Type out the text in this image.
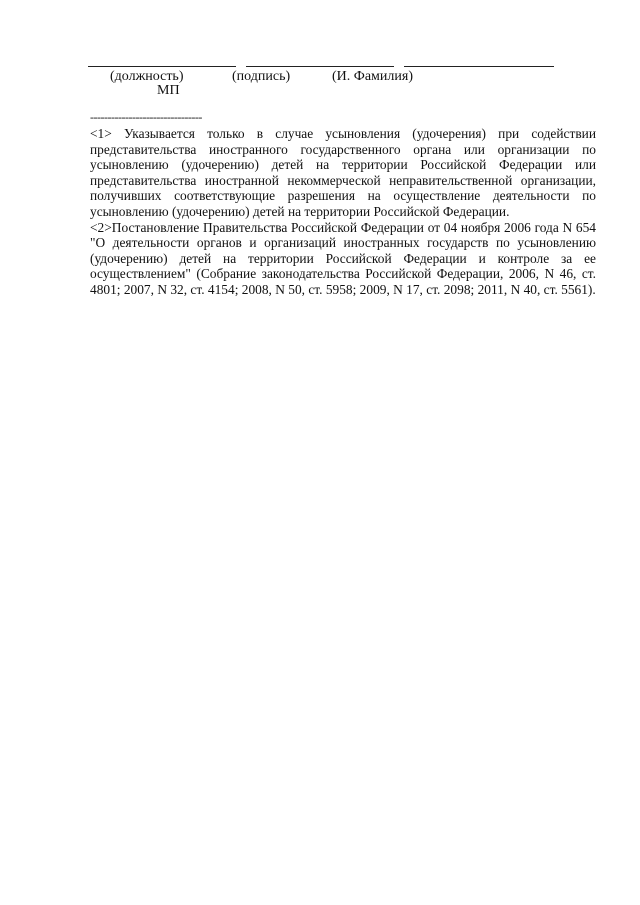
(должность)	(подпись)	(И. Фамилия)
МП
--------------------------------

<1> Указывается только в случае усыновления (удочерения) при содействии представительства иностранного государственного органа или организации по усыновлению (удочерению) детей на территории Российской Федерации или представительства иностранной некоммерческой неправительственной организации, получивших соответствующие разрешения на осуществление деятельности по усыновлению (удочерению) детей на территории Российской Федерации.

<2>Постановление Правительства Российской Федерации от 04 ноября 2006 года N 654 "О деятельности органов и организаций иностранных государств по усыновлению (удочерению) детей на территории Российской Федерации и контроле за ее осуществлением" (Собрание законодательства Российской Федерации, 2006, N 46, ст. 4801; 2007, N 32, ст. 4154; 2008, N 50, ст. 5958; 2009, N 17, ст. 2098; 2011, N 40, ст. 5561).
